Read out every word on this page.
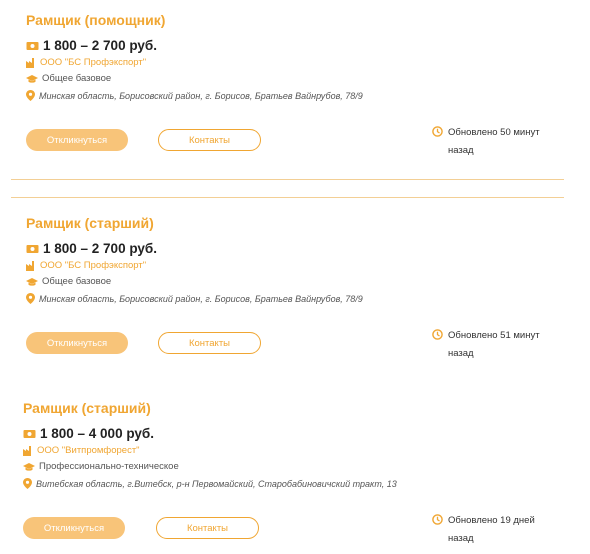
Рамщик (помощник)
1 800 – 2 700 руб.
ООО "БС Профэкспорт"
Общее базовое
Минская область, Борисовский район, г. Борисов, Братьев Вайнрубов, 78/9
Откликнуться	Контакты
Обновлено 50 минут
назад
Рамщик (старший)
1 800 – 2 700 руб.
ООО "БС Профэкспорт"
Общее базовое
Минская область, Борисовский район, г. Борисов, Братьев Вайнрубов, 78/9
Откликнуться	Контакты
Обновлено 51 минут
назад
Рамщик (старший)
1 800 – 4 000 руб.
ООО "Витпромфорест"
Профессионально-техническое
Витебская область, г.Витебск, р-н Первомайский, Старобабиновичский тракт, 13
Откликнуться	Контакты
Обновлено 19 дней
назад
